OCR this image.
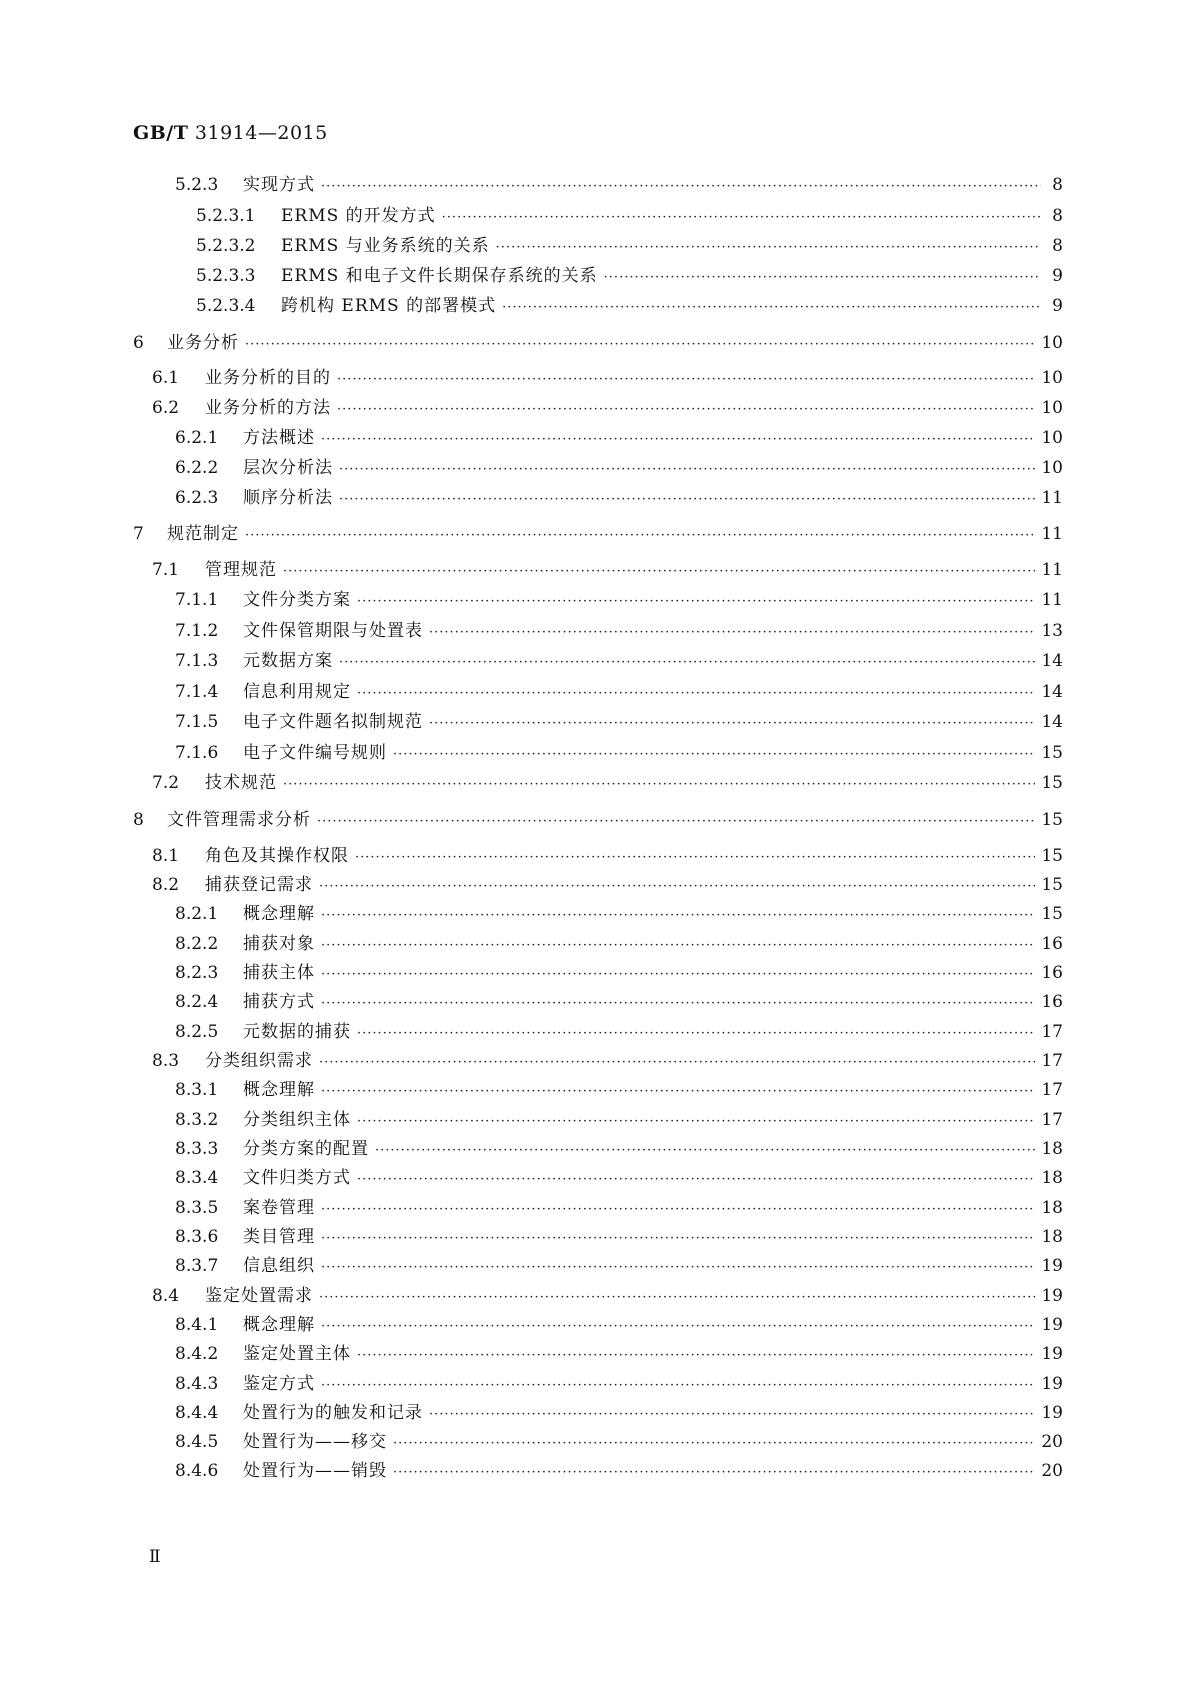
GB/T 31914—2015
5.2.3	实现方式 ·····	8
5.2.3.1	ERMS 的开发方式 ·····	8
5.2.3.2	ERMS 与业务系统的关系 ·····	8
5.2.3.3	ERMS 和电子文件长期保存系统的关系 ·····	9
5.2.3.4	跨机构 ERMS 的部署模式 ·····	9
6	业务分析 ·····	10
6.1	业务分析的目的 ·····	10
6.2	业务分析的方法 ·····	10
6.2.1	方法概述 ·····	10
6.2.2	层次分析法 ·····	10
6.2.3	顺序分析法 ·····	11
7	规范制定 ·····	11
7.1	管理规范 ·····	11
7.1.1	文件分类方案 ·····	11
7.1.2	文件保管期限与处置表 ·····	13
7.1.3	元数据方案 ·····	14
7.1.4	信息利用规定 ·····	14
7.1.5	电子文件题名拟制规范 ·····	14
7.1.6	电子文件编号规则 ·····	15
7.2	技术规范 ·····	15
8	文件管理需求分析 ·····	15
8.1	角色及其操作权限 ·····	15
8.2	捕获登记需求 ·····	15
8.2.1	概念理解 ·····	15
8.2.2	捕获对象 ·····	16
8.2.3	捕获主体 ·····	16
8.2.4	捕获方式 ·····	16
8.2.5	元数据的捕获 ·····	17
8.3	分类组织需求 ·····	17
8.3.1	概念理解 ·····	17
8.3.2	分类组织主体 ·····	17
8.3.3	分类方案的配置 ·····	18
8.3.4	文件归类方式 ·····	18
8.3.5	案卷管理 ·····	18
8.3.6	类目管理 ·····	18
8.3.7	信息组织 ·····	19
8.4	鉴定处置需求 ·····	19
8.4.1	概念理解 ·····	19
8.4.2	鉴定处置主体 ·····	19
8.4.3	鉴定方式 ·····	19
8.4.4	处置行为的触发和记录 ·····	19
8.4.5	处置行为——移交 ·····	20
8.4.6	处置行为——销毁 ·····	20
Ⅱ
